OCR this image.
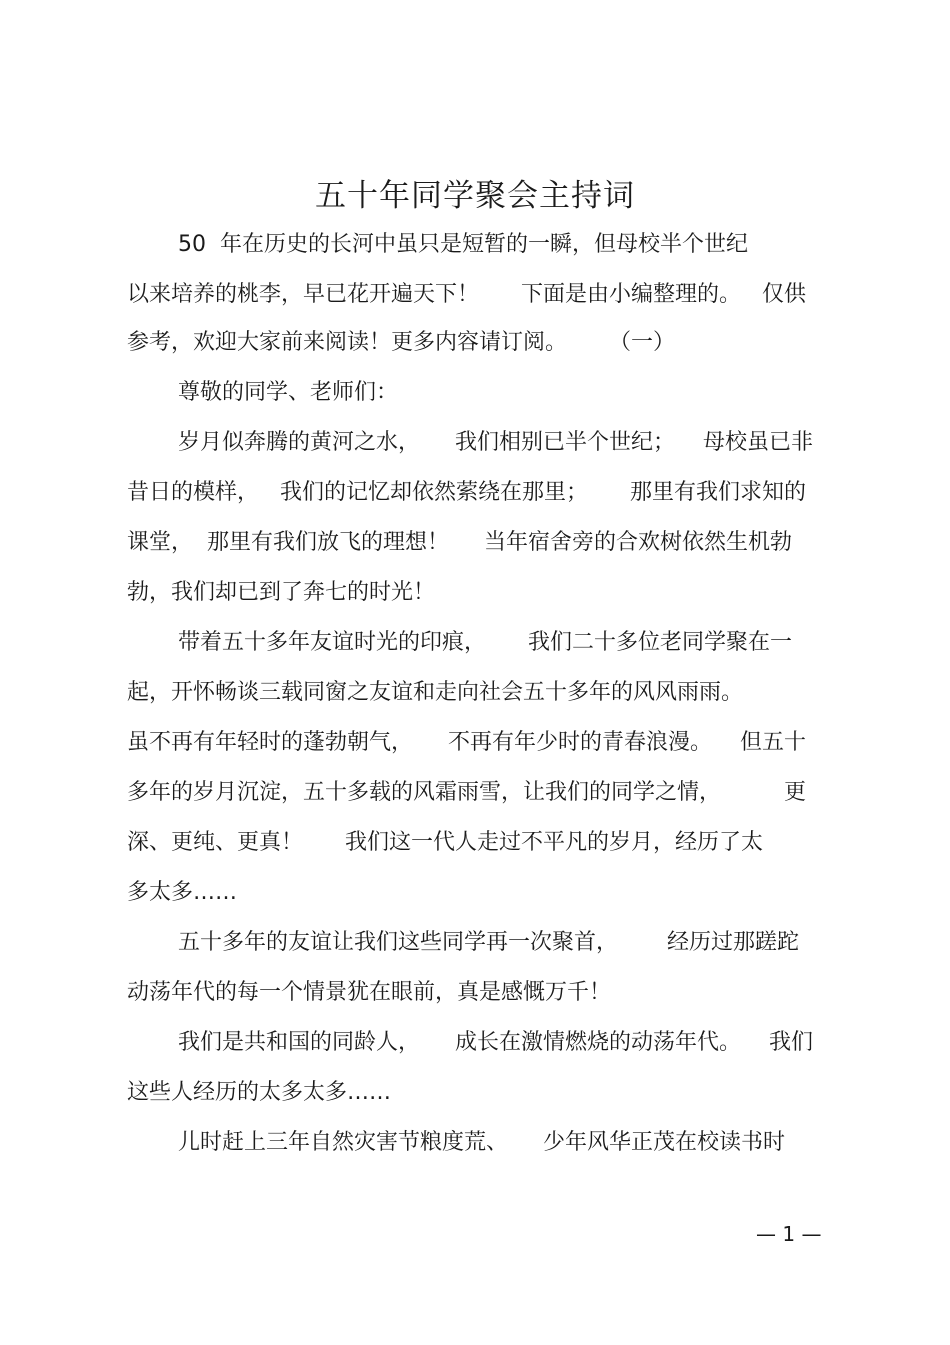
五十年同学聚会主持词
50  年在历史的长河中虽只是短暂的一瞬，但母校半个世纪
以来培养的桃李，早已花开遍天下！      下面是由小编整理的。   仅供
参考，欢迎大家前来阅读！更多内容请订阅。      （一）
尊敬的同学、老师们：
岁月似奔腾的黄河之水，     我们相别已半个世纪；    母校虽已非
昔日的模样，   我们的记忆却依然萦绕在那里；      那里有我们求知的
课堂，  那里有我们放飞的理想！     当年宿舍旁的合欢树依然生机勃
勃，我们却已到了奔七的时光！
带着五十多年友谊时光的印痕，      我们二十多位老同学聚在一
起，开怀畅谈三载同窗之友谊和走向社会五十多年的风风雨雨。
虽不再有年轻时的蓬勃朝气，     不再有年少时的青春浪漫。    但五十
多年的岁月沉淀，五十多载的风霜雨雪，让我们的同学之情，         更
深、更纯、更真！      我们这一代人走过不平凡的岁月，经历了太
多太多……
五十多年的友谊让我们这些同学再一次聚首，       经历过那蹉跎
动荡年代的每一个情景犹在眼前，真是感慨万千！
我们是共和国的同龄人，     成长在激情燃烧的动荡年代。    我们
这些人经历的太多太多……
儿时赶上三年自然灾害节粮度荒、     少年风华正茂在校读书时
— 1 —
